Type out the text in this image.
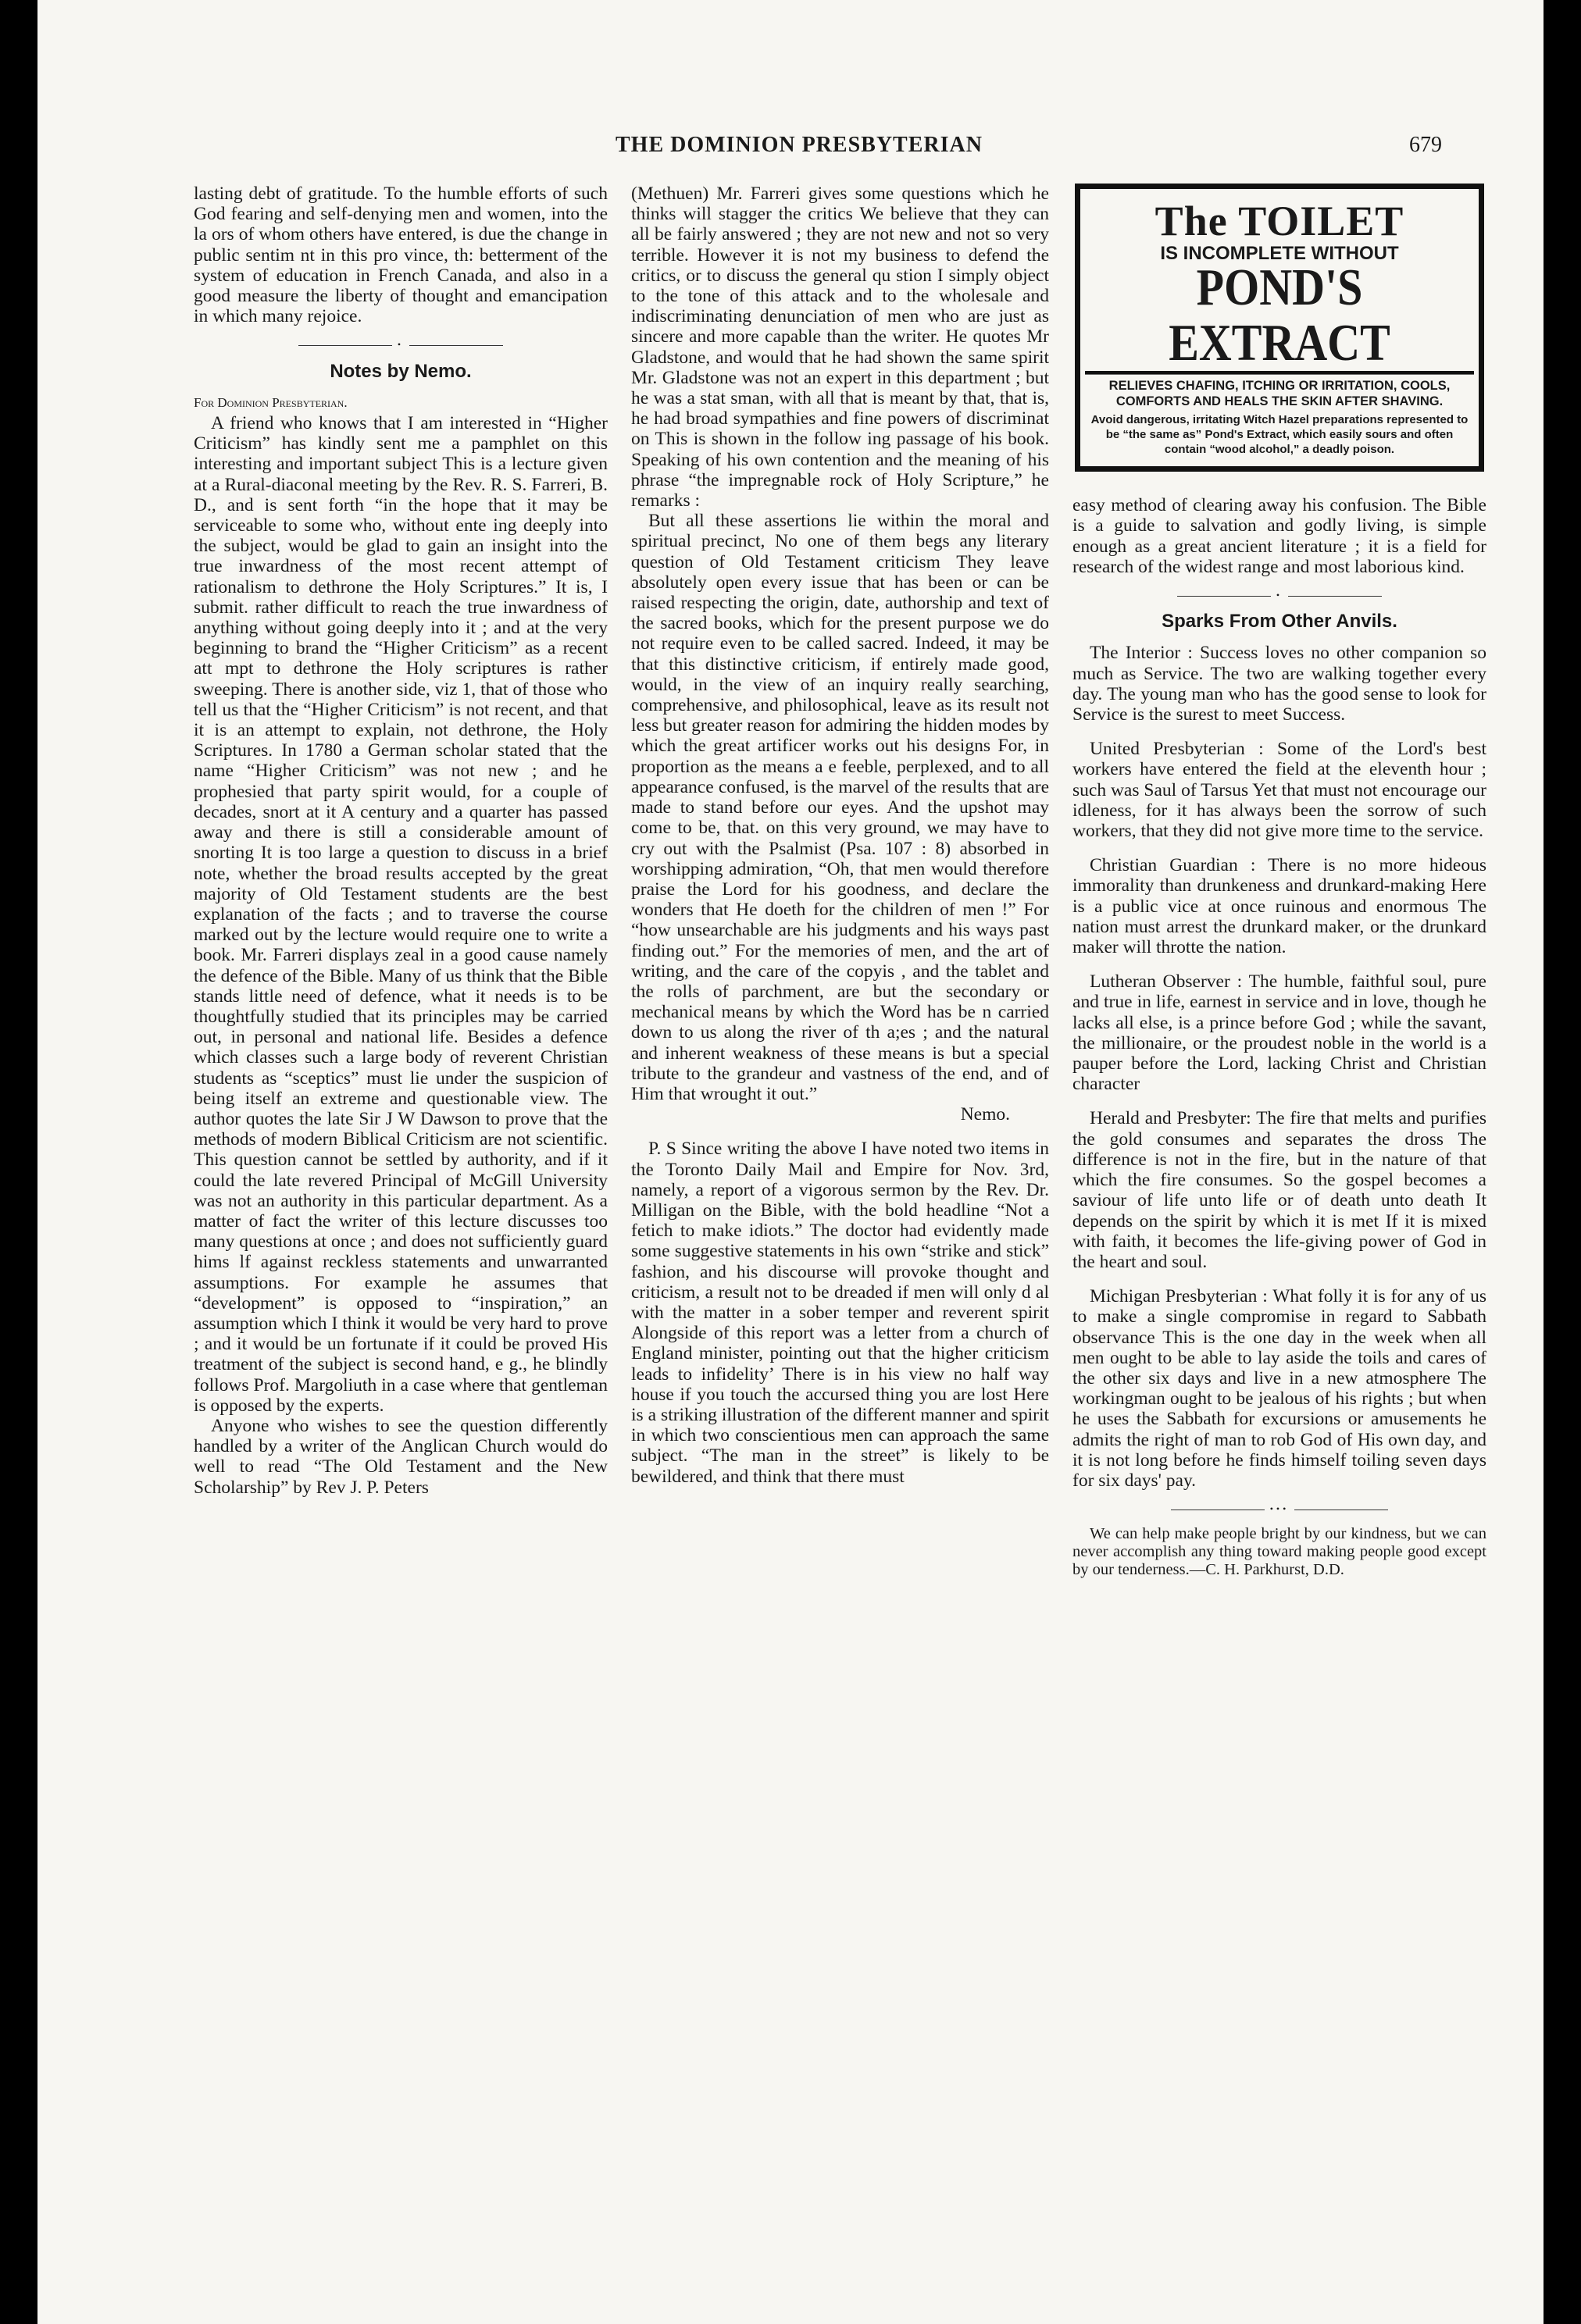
THE DOMINION PRESBYTERIAN	679

lasting debt of gratitude. To the humble efforts of such God fearing and self-denying men and women, into the la ors of whom others have entered, is due the change in public sentim nt in this pro vince, th: betterment of the system of education in French Canada, and also in a good measure the liberty of thought and emancipation in which many rejoice.

•
Notes by Nemo.

For Dominion Presbyterian.

A friend who knows that I am interested in “Higher Criticism” has kindly sent me a pamphlet on this interesting and important subject This is a lecture given at a Rural-diaconal meeting by the Rev. R. S. Farreri, B. D., and is sent forth “in the hope that it may be serviceable to some who, without ente ing deeply into the subject, would be glad to gain an insight into the true inwardness of the most recent attempt of rationalism to dethrone the Holy Scriptures.” It is, I submit. rather difficult to reach the true inwardness of anything without going deeply into it ; and at the very beginning to brand the “Higher Criticism” as a recent att mpt to dethrone the Holy scriptures is rather sweeping. There is another side, viz 1, that of those who tell us that the “Higher Criticism” is not recent, and that it is an attempt to explain, not dethrone, the Holy Scriptures. In 1780 a German scholar stated that the name “Higher Criticism” was not new ; and he prophesied that party spirit would, for a couple of decades, snort at it A century and a quarter has passed away and there is still a considerable amount of snorting It is too large a question to discuss in a brief note, whether the broad results accepted by the great majority of Old Testament students are the best explanation of the facts ; and to traverse the course marked out by the lecture would require one to write a book. Mr. Farreri displays zeal in a good cause namely the defence of the Bible. Many of us think that the Bible stands little need of defence, what it needs is to be thoughtfully studied that its principles may be carried out, in personal and national life. Besides a defence which classes such a large body of reverent Christian students as “sceptics” must lie under the suspicion of being itself an extreme and questionable view. The author quotes the late Sir J W Dawson to prove that the methods of modern Biblical Criticism are not scientific. This question cannot be settled by authority, and if it could the late revered Principal of McGill University was not an authority in this particular department. As a matter of fact the writer of this lecture discusses too many questions at once ; and does not sufficiently guard hims lf against reckless statements and unwarranted assumptions. For example he assumes that “development” is opposed to “inspiration,” an assumption which I think it would be very hard to prove ; and it would be un fortunate if it could be proved His treatment of the subject is second hand, e g., he blindly follows Prof. Margoliuth in a case where that gentleman is opposed by the experts.

Anyone who wishes to see the question differently handled by a writer of the Anglican Church would do well to read “The Old Testament and the New Scholarship” by Rev J. P. Peters

(Methuen) Mr. Farreri gives some questions which he thinks will stagger the critics We believe that they can all be fairly answered ; they are not new and not so very terrible. However it is not my business to defend the critics, or to discuss the general qu stion I simply object to the tone of this attack and to the wholesale and indiscriminating denunciation of men who are just as sincere and more capable than the writer. He quotes Mr Gladstone, and would that he had shown the same spirit Mr. Gladstone was not an expert in this department ; but he was a stat sman, with all that is meant by that, that is, he had broad sympathies and fine powers of discriminat on This is shown in the follow ing passage of his book. Speaking of his own contention and the meaning of his phrase “the impregnable rock of Holy Scripture,” he remarks :

But all these assertions lie within the moral and spiritual precinct, No one of them begs any literary question of Old Testament criticism They leave absolutely open every issue that has been or can be raised respecting the origin, date, authorship and text of the sacred books, which for the present purpose we do not require even to be called sacred. Indeed, it may be that this distinctive criticism, if entirely made good, would, in the view of an inquiry really searching, comprehensive, and philosophical, leave as its result not less but greater reason for admiring the hidden modes by which the great artificer works out his designs For, in proportion as the means a e feeble, perplexed, and to all appearance confused, is the marvel of the results that are made to stand before our eyes. And the upshot may come to be, that. on this very ground, we may have to cry out with the Psalmist (Psa. 107 : 8) absorbed in worshipping admiration, “Oh, that men would therefore praise the Lord for his goodness, and declare the wonders that He doeth for the children of men !” For “how unsearchable are his judgments and his ways past finding out.” For the memories of men, and the art of writing, and the care of the copyis , and the tablet and the rolls of parchment, are but the secondary or mechanical means by which the Word has be n carried down to us along the river of th a;es ; and the natural and inherent weakness of these means is but a special tribute to the grandeur and vastness of the end, and of Him that wrought it out.”

Nemo.

P. S Since writing the above I have noted two items in the Toronto Daily Mail and Empire for Nov. 3rd, namely, a report of a vigorous sermon by the Rev. Dr. Milligan on the Bible, with the bold headline “Not a fetich to make idiots.” The doctor had evidently made some suggestive statements in his own “strike and stick” fashion, and his discourse will provoke thought and criticism, a result not to be dreaded if men will only d al with the matter in a sober temper and reverent spirit Alongside of this report was a letter from a church of England minister, pointing out that the higher criticism leads to infidelity’ There is in his view no half way house if you touch the accursed thing you are lost Here is a striking illustration of the different manner and spirit in which two conscientious men can approach the same subject. “The man in the street” is likely to be bewildered, and think that there must

The TOILET
IS INCOMPLETE WITHOUT
POND'S EXTRACT
RELIEVES CHAFING, ITCHING OR IRRITATION, COOLS, COMFORTS AND HEALS THE SKIN AFTER SHAVING.
Avoid dangerous, irritating Witch Hazel preparations represented to be “the same as” Pond's Extract, which easily sours and often contain “wood alcohol,” a deadly poison.

easy method of clearing away his confusion. The Bible is a guide to salvation and godly living, is simple enough as a great ancient literature ; it is a field for research of the widest range and most laborious kind.

•
Sparks From Other Anvils.

The Interior : Success loves no other companion so much as Service. The two are walking together every day. The young man who has the good sense to look for Service is the surest to meet Success.

United Presbyterian : Some of the Lord's best workers have entered the field at the eleventh hour ; such was Saul of Tarsus Yet that must not encourage our idleness, for it has always been the sorrow of such workers, that they did not give more time to the service.

Christian Guardian : There is no more hideous immorality than drunkeness and drunkard-making Here is a public vice at once ruinous and enormous The nation must arrest the drunkard maker, or the drunkard maker will throtte the nation.

Lutheran Observer : The humble, faithful soul, pure and true in life, earnest in service and in love, though he lacks all else, is a prince before God ; while the savant, the millionaire, or the proudest noble in the world is a pauper before the Lord, lacking Christ and Christian character

Herald and Presbyter: The fire that melts and purifies the gold consumes and separates the dross The difference is not in the fire, but in the nature of that which the fire consumes. So the gospel becomes a saviour of life unto life or of death unto death It depends on the spirit by which it is met If it is mixed with faith, it becomes the life-giving power of God in the heart and soul.

Michigan Presbyterian : What folly it is for any of us to make a single compromise in regard to Sabbath observance This is the one day in the week when all men ought to be able to lay aside the toils and cares of the other six days and live in a new atmosphere The workingman ought to be jealous of his rights ; but when he uses the Sabbath for excursions or amusements he admits the right of man to rob God of His own day, and it is not long before he finds himself toiling seven days for six days' pay.

•••

We can help make people bright by our kindness, but we can never accomplish any thing toward making people good except by our tenderness.—C. H. Parkhurst, D.D.
